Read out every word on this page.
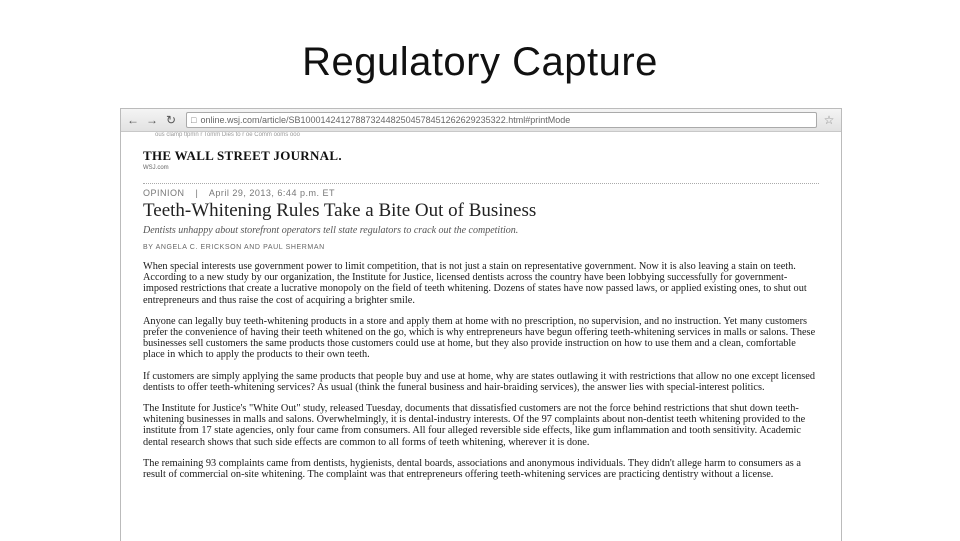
Regulatory Capture
← → ↻	□ online.wsj.com/article/SB10001424127887324482504578451262629235322.html#printMode	☆
ous clamp tlpmn r Tomm Dies to r oe Comm ooms ooo
THE WALL STREET JOURNAL.
WSJ.com
OPINION | April 29, 2013, 6:44 p.m. ET
Teeth-Whitening Rules Take a Bite Out of Business
Dentists unhappy about storefront operators tell state regulators to crack out the competition.
BY ANGELA C. ERICKSON AND PAUL SHERMAN
When special interests use government power to limit competition, that is not just a stain on representative government. Now it is also leaving a stain on teeth. According to a new study by our organization, the Institute for Justice, licensed dentists across the country have been lobbying successfully for government-imposed restrictions that create a lucrative monopoly on the field of teeth whitening. Dozens of states have now passed laws, or applied existing ones, to shut out entrepreneurs and thus raise the cost of acquiring a brighter smile.
Anyone can legally buy teeth-whitening products in a store and apply them at home with no prescription, no supervision, and no instruction. Yet many customers prefer the convenience of having their teeth whitened on the go, which is why entrepreneurs have begun offering teeth-whitening services in malls or salons. These businesses sell customers the same products those customers could use at home, but they also provide instruction on how to use them and a clean, comfortable place in which to apply the products to their own teeth.
If customers are simply applying the same products that people buy and use at home, why are states outlawing it with restrictions that allow no one except licensed dentists to offer teeth-whitening services? As usual (think the funeral business and hair-braiding services), the answer lies with special-interest politics.
The Institute for Justice's "White Out" study, released Tuesday, documents that dissatisfied customers are not the force behind restrictions that shut down teeth-whitening businesses in malls and salons. Overwhelmingly, it is dental-industry interests. Of the 97 complaints about non-dentist teeth whitening provided to the institute from 17 state agencies, only four came from consumers. All four alleged reversible side effects, like gum inflammation and tooth sensitivity. Academic dental research shows that such side effects are common to all forms of teeth whitening, wherever it is done.
The remaining 93 complaints came from dentists, hygienists, dental boards, associations and anonymous individuals. They didn't allege harm to consumers as a result of commercial on-site whitening. The complaint was that entrepreneurs offering teeth-whitening services are practicing dentistry without a license.
